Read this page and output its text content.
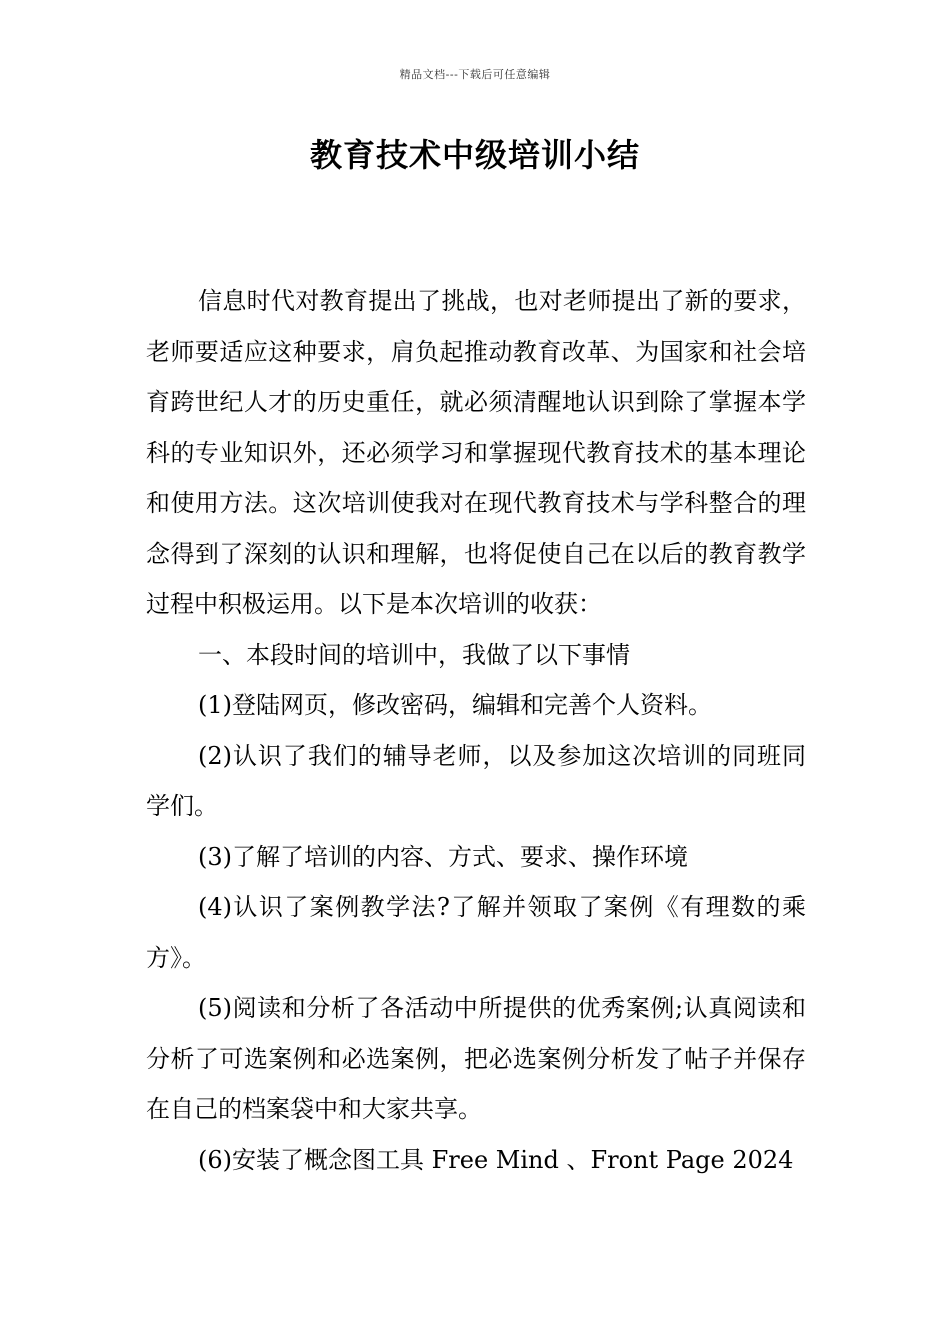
精品文档---下载后可任意编辑
教育技术中级培训小结

信息时代对教育提出了挑战，也对老师提出了新的要求，老师要适应这种要求，肩负起推动教育改革、为国家和社会培育跨世纪人才的历史重任，就必须清醒地认识到除了掌握本学科的专业知识外，还必须学习和掌握现代教育技术的基本理论和使用方法。这次培训使我对在现代教育技术与学科整合的理念得到了深刻的认识和理解，也将促使自己在以后的教育教学过程中积极运用。以下是本次培训的收获：

一、本段时间的培训中，我做了以下事情

(1)登陆网页，修改密码，编辑和完善个人资料。

(2)认识了我们的辅导老师，以及参加这次培训的同班同学们。

(3)了解了培训的内容、方式、要求、操作环境

(4)认识了案例教学法?了解并领取了案例《有理数的乘方》。

(5)阅读和分析了各活动中所提供的优秀案例;认真阅读和分析了可选案例和必选案例，把必选案例分析发了帖子并保存在自己的档案袋中和大家共享。

(6)安装了概念图工具 Free Mind 、Front Page 2024
